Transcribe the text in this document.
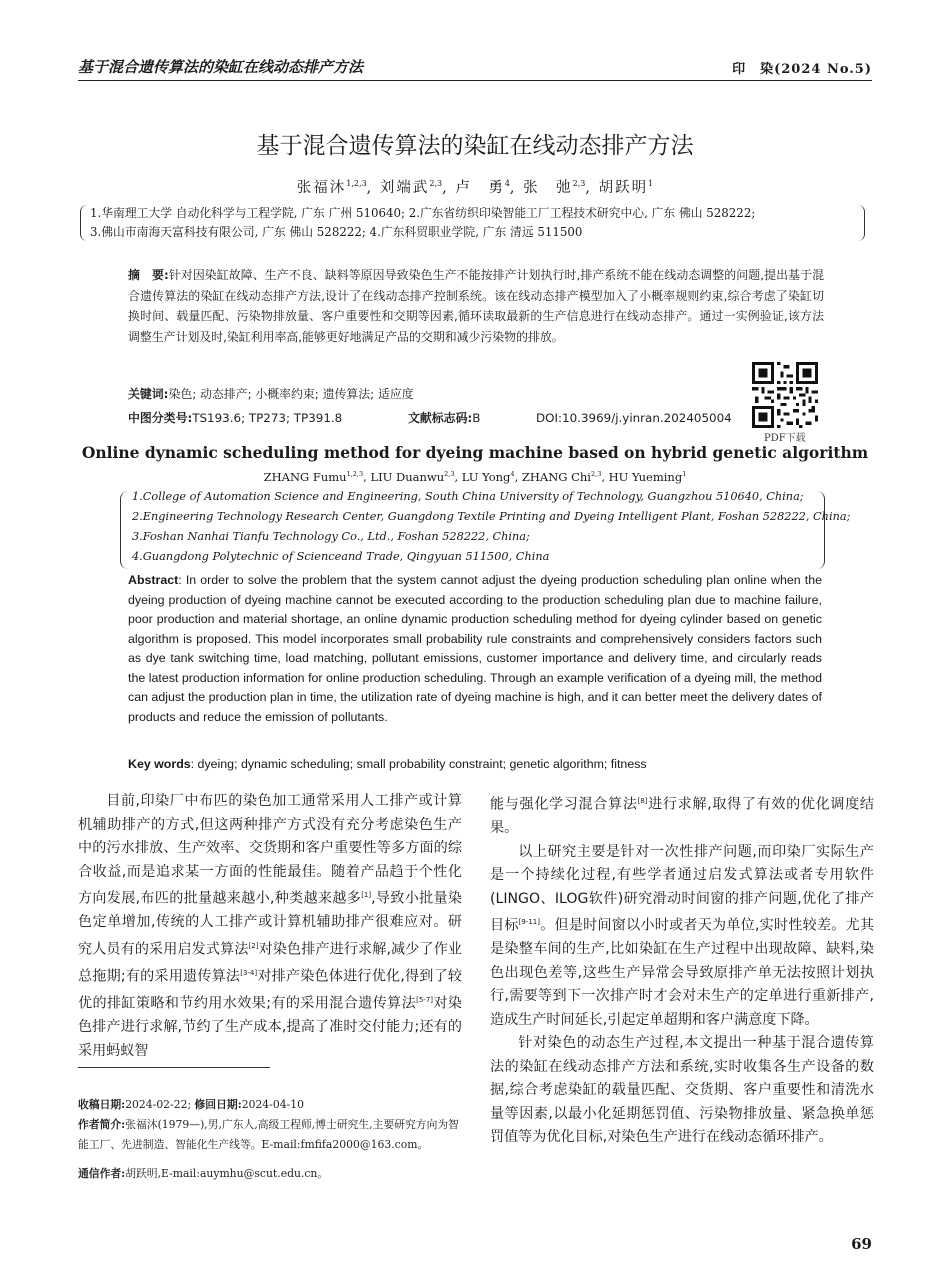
基于混合遗传算法的染缸在线动态排产方法	印　染(2024 No.5)
基于混合遗传算法的染缸在线动态排产方法
张福沐$^{1,2,3}$, 刘端武$^{2,3}$, 卢　勇$^4$, 张　弛$^{2,3}$, 胡跃明$^1$
1.华南理工大学 自动化科学与工程学院, 广东 广州 510640; 2.广东省纺织印染智能工厂工程技术研究中心, 广东 佛山 528222;
3.佛山市南海天富科技有限公司, 广东 佛山 528222; 4.广东科贸职业学院, 广东 清远 511500
摘　要:针对因染缸故障、生产不良、缺料等原因导致染色生产不能按排产计划执行时,排产系统不能在线动态调整的问题,提出基于混合遗传算法的染缸在线动态排产方法,设计了在线动态排产控制系统。该在线动态排产模型加入了小概率规则约束,综合考虑了染缸切换时间、载量匹配、污染物排放量、客户重要性和交期等因素,循环读取最新的生产信息进行在线动态排产。通过一实例验证,该方法调整生产计划及时,染缸利用率高,能够更好地满足产品的交期和减少污染物的排放。
关键词:染色; 动态排产; 小概率约束; 遗传算法; 适应度
中图分类号:TS193.6; TP273; TP391.8	文献标志码:B	DOI:10.3969/j.yinran.202405004
PDF下载
Online dynamic scheduling method for dyeing machine based on hybrid genetic algorithm
ZHANG Fumu$^{1,2,3}$, LIU Duanwu$^{2,3}$, LU Yong$^4$, ZHANG Chi$^{2,3}$, HU Yueming$^1$
1.College of Automation Science and Engineering, South China University of Technology, Guangzhou 510640, China;
2.Engineering Technology Research Center, Guangdong Textile Printing and Dyeing Intelligent Plant, Foshan 528222, China;
3.Foshan Nanhai Tianfu Technology Co., Ltd., Foshan 528222, China;
4.Guangdong Polytechnic of Scienceand Trade, Qingyuan 511500, China
Abstract: In order to solve the problem that the system cannot adjust the dyeing production scheduling plan online when the dyeing production of dyeing machine cannot be executed according to the production scheduling plan due to machine failure, poor production and material shortage, an online dynamic production scheduling method for dyeing cylinder based on genetic algorithm is proposed. This model incorporates small probability rule constraints and comprehensively considers factors such as dye tank switching time, load matching, pollutant emissions, customer importance and delivery time, and circularly reads the latest production information for online production scheduling. Through an example verification of a dyeing mill, the method can adjust the production plan in time, the utilization rate of dyeing machine is high, and it can better meet the delivery dates of products and reduce the emission of pollutants.
Key words: dyeing; dynamic scheduling; small probability constraint; genetic algorithm; fitness

目前,印染厂中布匹的染色加工通常采用人工排产或计算机辅助排产的方式,但这两种排产方式没有充分考虑染色生产中的污水排放、生产效率、交货期和客户重要性等多方面的综合收益,而是追求某一方面的性能最佳。随着产品趋于个性化方向发展,布匹的批量越来越小,种类越来越多[1],导致小批量染色定单增加,传统的人工排产或计算机辅助排产很难应对。研究人员有的采用启发式算法[2]对染色排产进行求解,减少了作业总拖期;有的采用遗传算法[3-4]对排产染色体进行优化,得到了较优的排缸策略和节约用水效果;有的采用混合遗传算法[5-7]对染色排产进行求解,节约了生产成本,提高了准时交付能力;还有的采用蚂蚁智

能与强化学习混合算法[8]进行求解,取得了有效的优化调度结果。

以上研究主要是针对一次性排产问题,而印染厂实际生产是一个持续化过程,有些学者通过启发式算法或者专用软件(LINGO、ILOG软件)研究滑动时间窗的排产问题,优化了排产目标[9-11]。但是时间窗以小时或者天为单位,实时性较差。尤其是染整车间的生产,比如染缸在生产过程中出现故障、缺料,染色出现色差等,这些生产异常会导致原排产单无法按照计划执行,需要等到下一次排产时才会对未生产的定单进行重新排产,造成生产时间延长,引起定单超期和客户满意度下降。

针对染色的动态生产过程,本文提出一种基于混合遗传算法的染缸在线动态排产方法和系统,实时收集各生产设备的数据,综合考虑染缸的载量匹配、交货期、客户重要性和清洗水量等因素,以最小化延期惩罚值、污染物排放量、紧急换单惩罚值等为优化目标,对染色生产进行在线动态循环排产。

收稿日期:2024-02-22; 修回日期:2024-04-10
作者简介:张福沐(1979—),男,广东人,高级工程师,博士研究生,主要研究方向为智能工厂、先进制造、智能化生产线等。E-mail:fmfifa2000@163.com。
通信作者:胡跃明,E-mail:auymhu@scut.edu.cn。
69
